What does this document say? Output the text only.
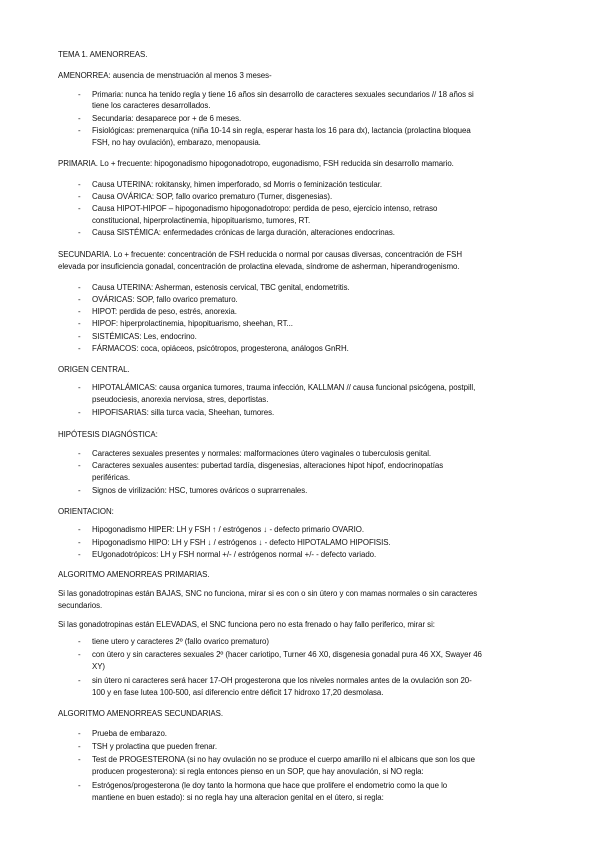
TEMA 1. AMENORREAS.
AMENORREA: ausencia de menstruación al menos 3 meses-
- Primaria: nunca ha tenido regla y tiene 16 años sin desarrollo de caracteres sexuales secundarios // 18 años si
tiene los caracteres desarrollados.
- Secundaria: desaparece por + de 6 meses.
- Fisiológicas: premenarquica (niña 10-14 sin regla, esperar hasta los 16 para dx), lactancia (prolactina bloquea
FSH, no hay ovulación), embarazo, menopausia.
PRIMARIA. Lo + frecuente: hipogonadismo hipogonadotropo, eugonadismo, FSH reducida sin desarrollo mamario.
- Causa UTERINA: rokitansky, himen imperforado, sd Morris o feminización testicular.
- Causa OVÁRICA: SOP, fallo ovarico prematuro (Turner, disgenesias).
- Causa HIPOT-HIPOF – hipogonadismo hipogonadotropo: perdida de peso, ejercicio intenso, retraso
constitucional, hiperprolactinemia, hipopituarismo, tumores, RT.
- Causa SISTÉMICA: enfermedades crónicas de larga duración, alteraciones endocrinas.
SECUNDARIA. Lo + frecuente: concentración de FSH reducida o normal por causas diversas, concentración de FSH
elevada por insuficiencia gonadal, concentración de prolactina elevada, síndrome de asherman, hiperandrogenismo.
- Causa UTERINA: Asherman, estenosis cervical, TBC genital, endometritis.
- OVÁRICAS: SOP, fallo ovarico prematuro.
- HIPOT: perdida de peso, estrés, anorexia.
- HIPOF: hiperprolactinemia, hipopituarismo, sheehan, RT...
- SISTÉMICAS: Les, endocrino.
- FÁRMACOS: coca, opiáceos, psicótropos, progesterona, análogos GnRH.
ORIGEN CENTRAL.
- HIPOTALÁMICAS: causa organica tumores, trauma infección, KALLMAN // causa funcional psicógena, postpill,
pseudociesis, anorexia nerviosa, stres, deportistas.
- HIPOFISARIAS: silla turca vacia, Sheehan, tumores.
HIPÓTESIS DIAGNÓSTICA:
- Caracteres sexuales presentes y normales: malformaciones útero vaginales o tuberculosis genital.
- Caracteres sexuales ausentes: pubertad tardía, disgenesias, alteraciones hipot hipof, endocrinopatías
periféricas.
- Signos de virilización: HSC, tumores ováricos o suprarrenales.
ORIENTACION:
- Hipogonadismo HIPER: LH y FSH ↑ / estrógenos ↓ - defecto primario OVARIO.
- Hipogonadismo HIPO: LH y FSH ↓ / estrógenos ↓ - defecto HIPOTALAMO HIPOFISIS.
- EUgonadotrópicos: LH y FSH normal +/- / estrógenos normal +/- - defecto variado.
ALGORITMO AMENORREAS PRIMARIAS.
Si las gonadotropinas están BAJAS, SNC no funciona, mirar si es con o sin útero y con mamas normales o sin caracteres
secundarios.
Si las gonadotropinas están ELEVADAS, el SNC funciona pero no esta frenado o hay fallo periferico, mirar si:
- tiene utero y caracteres 2º (fallo ovarico prematuro)
- con útero y sin caracteres sexuales 2º (hacer cariotipo, Turner 46 X0, disgenesia gonadal pura 46 XX, Swayer 46
XY)
- sin útero ni caracteres será hacer 17-OH progesterona que los niveles normales antes de la ovulación son 20-
100 y en fase lutea 100-500, así diferencio entre déficit 17 hidroxo 17,20 desmolasa.
ALGORITMO AMENORREAS SECUNDARIAS.
- Prueba de embarazo.
- TSH y prolactina que pueden frenar.
- Test de PROGESTERONA (si no hay ovulación no se produce el cuerpo amarillo ni el albicans que son los que
producen progesterona): si regla entonces pienso en un SOP, que hay anovulación, si NO regla:
- Estrógenos/progesterona (le doy tanto la hormona que hace que prolifere el endometrio como la que lo
mantiene en buen estado): si no regla hay una alteracion genital en el útero, si regla:
